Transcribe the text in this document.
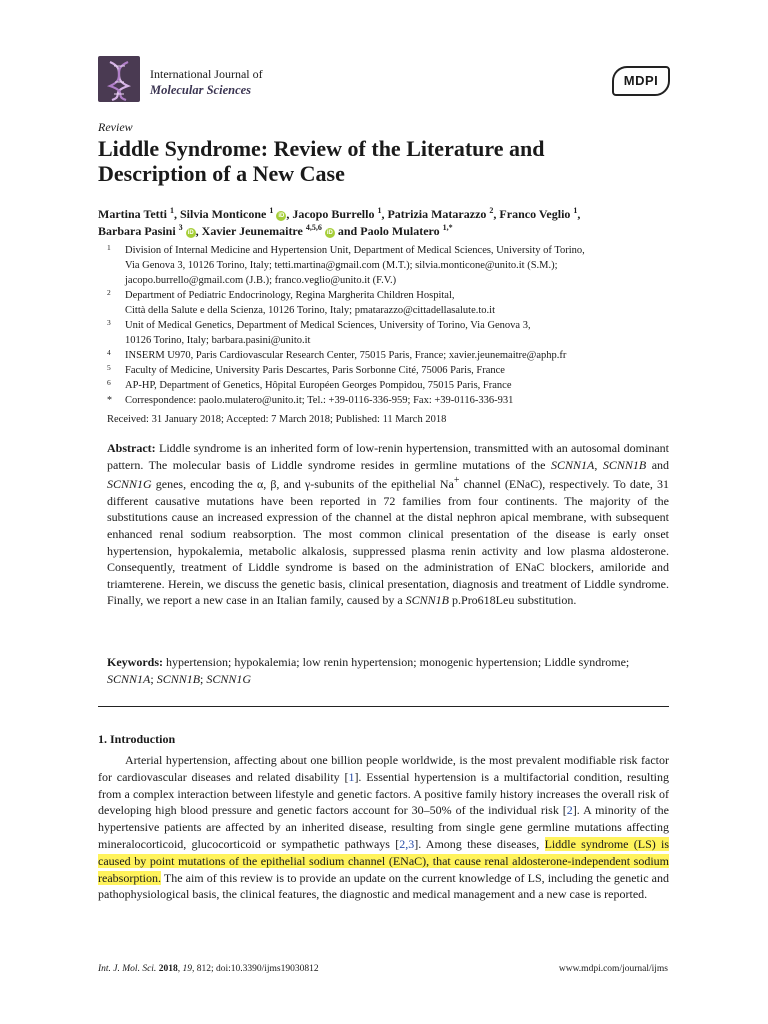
International Journal of
Molecular Sciences
MDPI
Review
Liddle Syndrome: Review of the Literature and
Description of a New Case
Martina Tetti $^1$, Silvia Monticone $^1$ iD , Jacopo Burrello $^1$, Patrizia Matarazzo $^2$, Franco Veglio $^1$,
Barbara Pasini $^3$ iD , Xavier Jeunemaitre $^{4,5,6}$ iD and Paolo Mulatero $^{1,*}$
1 Division of Internal Medicine and Hypertension Unit, Department of Medical Sciences, University of Torino,
Via Genova 3, 10126 Torino, Italy; tetti.martina@gmail.com (M.T.); silvia.monticone@unito.it (S.M.);
jacopo.burrello@gmail.com (J.B.); franco.veglio@unito.it (F.V.)
2 Department of Pediatric Endocrinology, Regina Margherita Children Hospital,
Città della Salute e della Scienza, 10126 Torino, Italy; pmatarazzo@cittadellasalute.to.it
3 Unit of Medical Genetics, Department of Medical Sciences, University of Torino, Via Genova 3,
10126 Torino, Italy; barbara.pasini@unito.it
4 INSERM U970, Paris Cardiovascular Research Center, 75015 Paris, France; xavier.jeunemaitre@aphp.fr
5 Faculty of Medicine, University Paris Descartes, Paris Sorbonne Cité, 75006 Paris, France
6 AP-HP, Department of Genetics, Hôpital Européen Georges Pompidou, 75015 Paris, France
* Correspondence: paolo.mulatero@unito.it; Tel.: +39-0116-336-959; Fax: +39-0116-336-931
Received: 31 January 2018; Accepted: 7 March 2018; Published: 11 March 2018
Abstract: Liddle syndrome is an inherited form of low-renin hypertension, transmitted with an autosomal dominant pattern. The molecular basis of Liddle syndrome resides in germline mutations of the SCNN1A, SCNN1B and SCNN1G genes, encoding the α, β, and γ-subunits of the epithelial Na+ channel (ENaC), respectively. To date, 31 different causative mutations have been reported in 72 families from four continents. The majority of the substitutions cause an increased expression of the channel at the distal nephron apical membrane, with subsequent enhanced renal sodium reabsorption. The most common clinical presentation of the disease is early onset hypertension, hypokalemia, metabolic alkalosis, suppressed plasma renin activity and low plasma aldosterone. Consequently, treatment of Liddle syndrome is based on the administration of ENaC blockers, amiloride and triamterene. Herein, we discuss the genetic basis, clinical presentation, diagnosis and treatment of Liddle syndrome. Finally, we report a new case in an Italian family, caused by a SCNN1B p.Pro618Leu substitution.
Keywords: hypertension; hypokalemia; low renin hypertension; monogenic hypertension; Liddle syndrome; SCNN1A; SCNN1B; SCNN1G
1. Introduction
Arterial hypertension, affecting about one billion people worldwide, is the most prevalent modifiable risk factor for cardiovascular diseases and related disability [1]. Essential hypertension is a multifactorial condition, resulting from a complex interaction between lifestyle and genetic factors. A positive family history increases the overall risk of developing high blood pressure and genetic factors account for 30–50% of the individual risk [2]. A minority of the hypertensive patients are affected by an inherited disease, resulting from single gene germline mutations affecting mineralocorticoid, glucocorticoid or sympathetic pathways [2,3]. Among these diseases, Liddle syndrome (LS) is caused by point mutations of the epithelial sodium channel (ENaC), that cause renal aldosterone-independent sodium reabsorption. The aim of this review is to provide an update on the current knowledge of LS, including the genetic and pathophysiological basis, the clinical features, the diagnostic and medical management and a new case is reported.
Int. J. Mol. Sci. 2018, 19, 812; doi:10.3390/ijms19030812	www.mdpi.com/journal/ijms
